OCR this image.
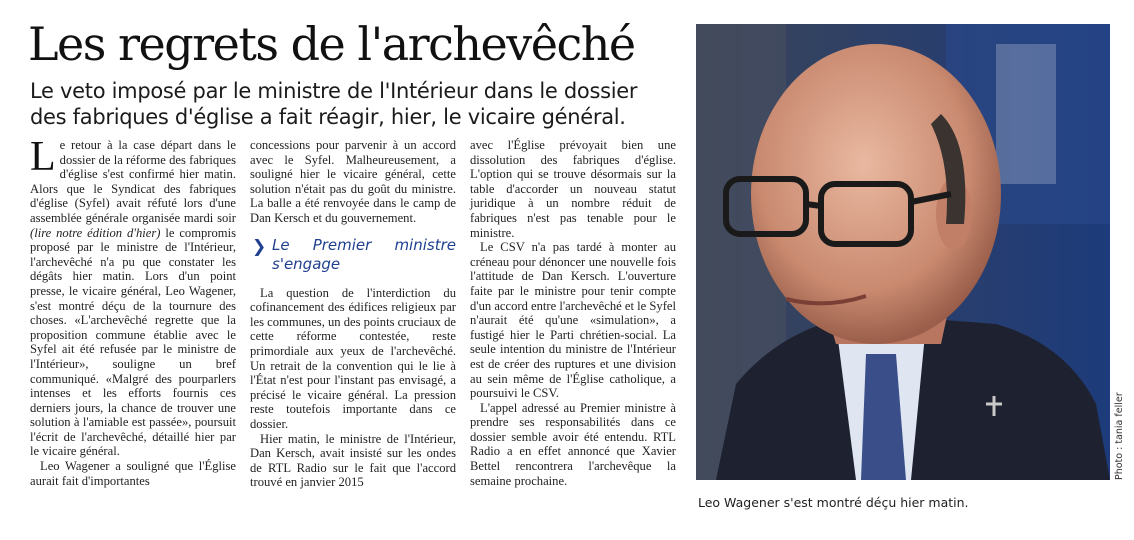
Les regrets de l'archevêché
Le veto imposé par le ministre de l'Intérieur dans le dossier des fabriques d'église a fait réagir, hier, le vicaire général.

Le retour à la case départ dans le dossier de la réforme des fabriques d'église s'est confirmé hier matin. Alors que le Syndicat des fabriques d'église (Syfel) avait réfuté lors d'une assemblée générale organisée mardi soir (lire notre édition d'hier) le compromis proposé par le ministre de l'Intérieur, l'archevêché n'a pu que constater les dégâts hier matin. Lors d'un point presse, le vicaire général, Leo Wagener, s'est montré déçu de la tournure des choses. «L'archevêché regrette que la proposition commune établie avec le Syfel ait été refusée par le ministre de l'Intérieur», souligne un bref communiqué. «Malgré des pourparlers intenses et les efforts fournis ces derniers jours, la chance de trouver une solution à l'amiable est passée», poursuit l'écrit de l'archevêché, détaillé hier par le vicaire général.

Leo Wagener a souligné que l'Église aurait fait d'importantes

concessions pour parvenir à un accord avec le Syfel. Malheureusement, a souligné hier le vicaire général, cette solution n'était pas du goût du ministre. La balle a été renvoyée dans le camp de Dan Kersch et du gouvernement.

❯ Le Premier ministre s'engage

La question de l'interdiction du cofinancement des édifices religieux par les communes, un des points cruciaux de cette réforme contestée, reste primordiale aux yeux de l'archevêché. Un retrait de la convention qui le lie à l'État n'est pour l'instant pas envisagé, a précisé le vicaire général. La pression reste toutefois importante dans ce dossier.

Hier matin, le ministre de l'Intérieur, Dan Kersch, avait insisté sur les ondes de RTL Radio sur le fait que l'accord trouvé en janvier 2015

avec l'Église prévoyait bien une dissolution des fabriques d'église. L'option qui se trouve désormais sur la table d'accorder un nouveau statut juridique à un nombre réduit de fabriques n'est pas tenable pour le ministre.

Le CSV n'a pas tardé à monter au créneau pour dénoncer une nouvelle fois l'attitude de Dan Kersch. L'ouverture faite par le ministre pour tenir compte d'un accord entre l'archevêché et le Syfel n'aurait été qu'une «simulation», a fustigé hier le Parti chrétien-social. La seule intention du ministre de l'Intérieur est de créer des ruptures et une division au sein même de l'Église catholique, a poursuivi le CSV.

L'appel adressé au Premier ministre à prendre ses responsabilités dans ce dossier semble avoir été entendu. RTL Radio a en effet annoncé que Xavier Bettel rencontrera l'archevêque la semaine prochaine.

Photo : tania feller
Leo Wagener s'est montré déçu hier matin.
